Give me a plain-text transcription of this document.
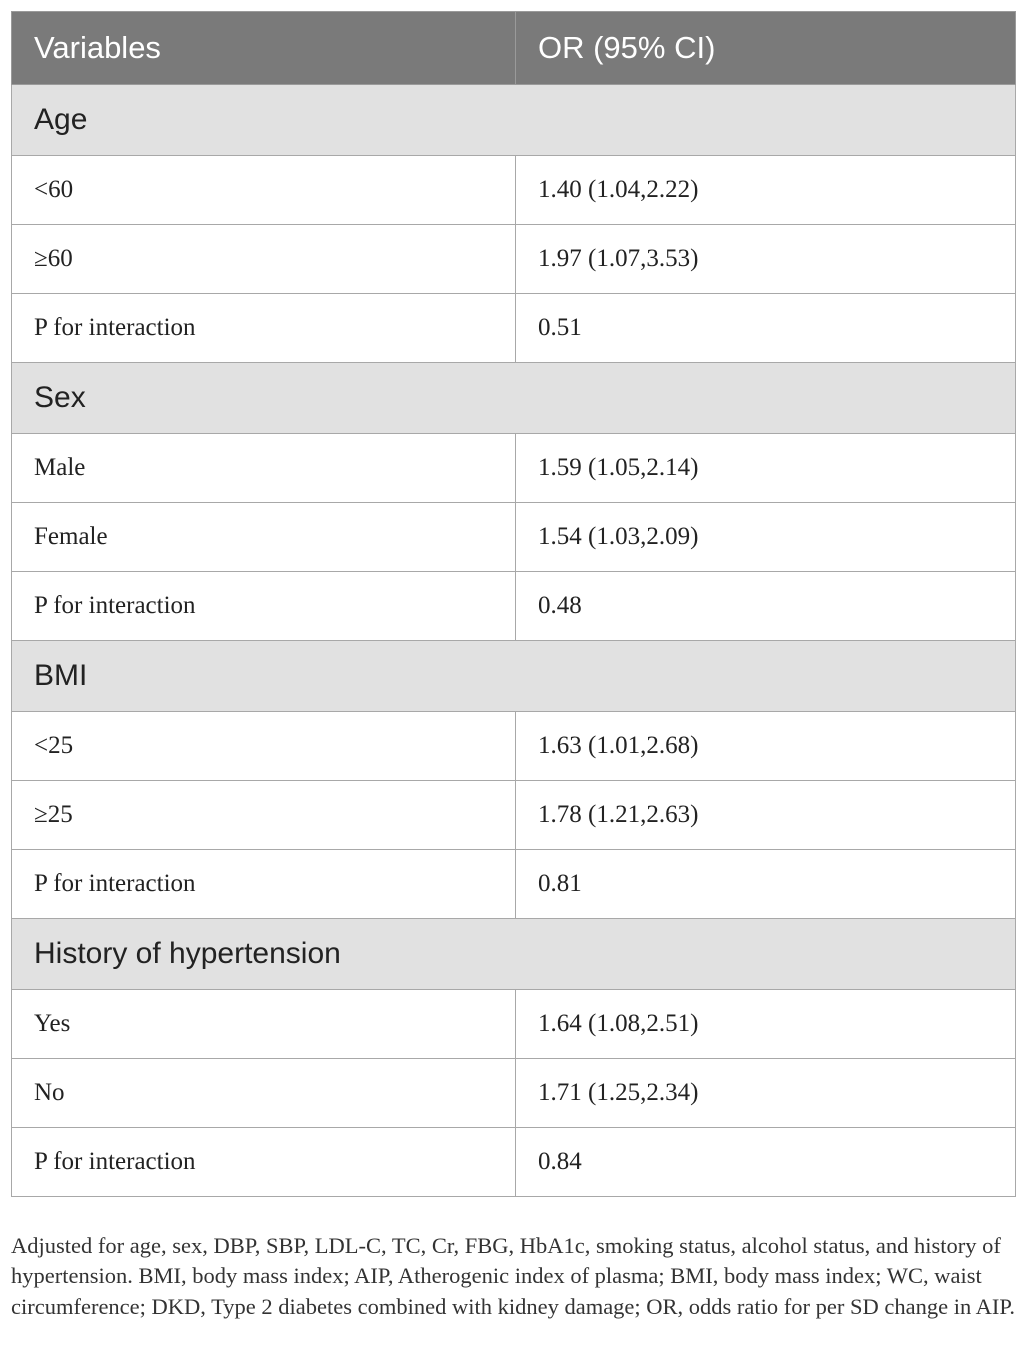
Variables	OR (95% CI)
Age	
<60	1.40 (1.04,2.22)
≥60	1.97 (1.07,3.53)
P for interaction	0.51
Sex	
Male	1.59 (1.05,2.14)
Female	1.54 (1.03,2.09)
P for interaction	0.48
BMI	
<25	1.63 (1.01,2.68)
≥25	1.78 (1.21,2.63)
P for interaction	0.81
History of hypertension	
Yes	1.64 (1.08,2.51)
No	1.71 (1.25,2.34)
P for interaction	0.84

Adjusted for age, sex, DBP, SBP, LDL-C, TC, Cr, FBG, HbA1c, smoking status, alcohol status, and history of hypertension. BMI, body mass index; AIP, Atherogenic index of plasma; BMI, body mass index; WC, waist circumference; DKD, Type 2 diabetes combined with kidney damage; OR, odds ratio for per SD change in AIP.
